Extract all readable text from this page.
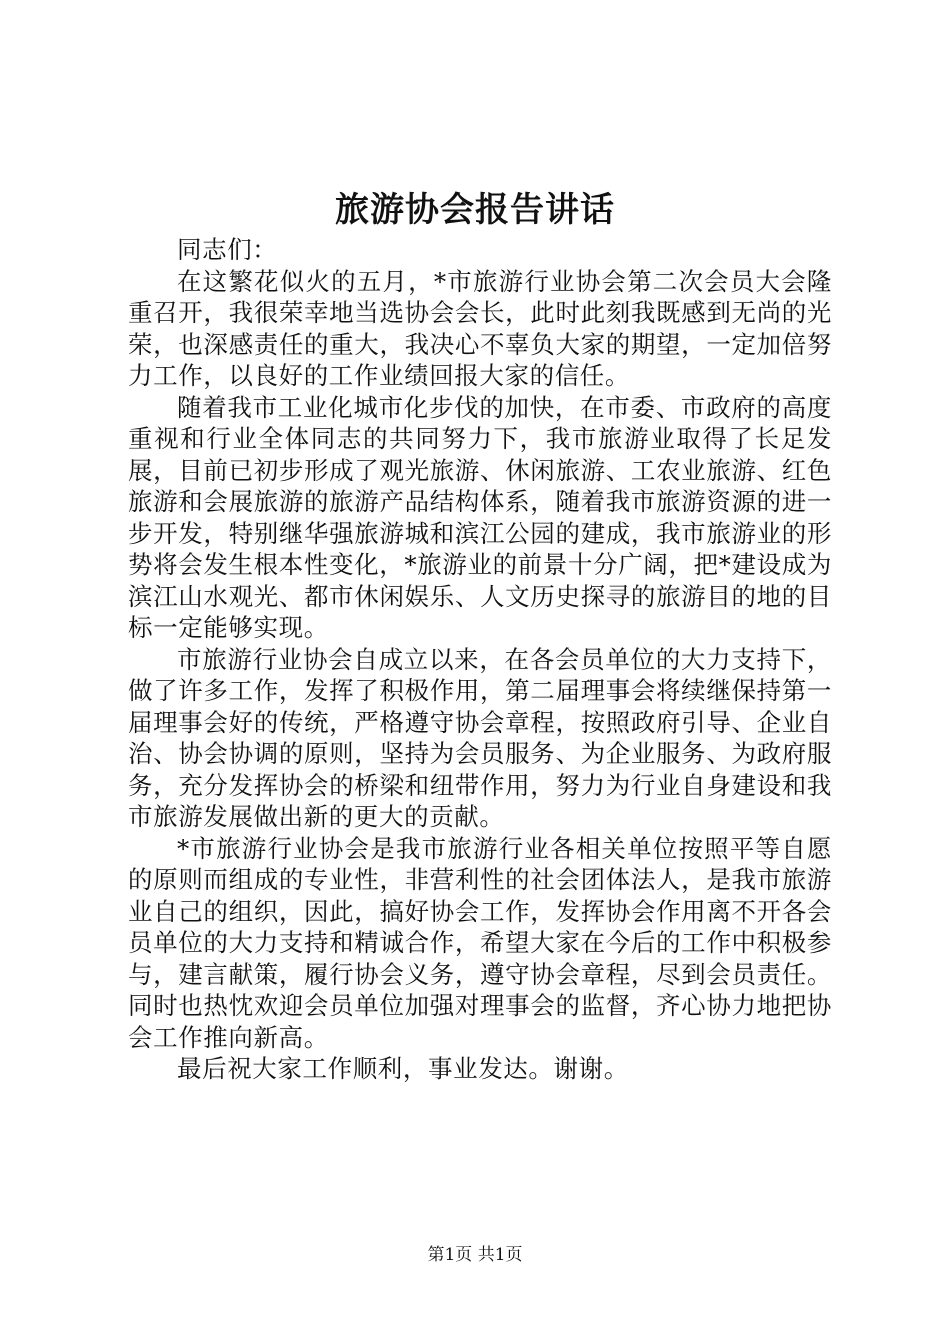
旅游协会报告讲话

同志们：

在这繁花似火的五月，*市旅游行业协会第二次会员大会隆重召开，我很荣幸地当选协会会长，此时此刻我既感到无尚的光荣，也深感责任的重大，我决心不辜负大家的期望，一定加倍努力工作，以良好的工作业绩回报大家的信任。

随着我市工业化城市化步伐的加快，在市委、市政府的高度重视和行业全体同志的共同努力下，我市旅游业取得了长足发展，目前已初步形成了观光旅游、休闲旅游、工农业旅游、红色旅游和会展旅游的旅游产品结构体系，随着我市旅游资源的进一步开发，特别继华强旅游城和滨江公园的建成，我市旅游业的形势将会发生根本性变化，*旅游业的前景十分广阔，把*建设成为滨江山水观光、都市休闲娱乐、人文历史探寻的旅游目的地的目标一定能够实现。

市旅游行业协会自成立以来，在各会员单位的大力支持下，做了许多工作，发挥了积极作用，第二届理事会将续继保持第一届理事会好的传统，严格遵守协会章程，按照政府引导、企业自治、协会协调的原则，坚持为会员服务、为企业服务、为政府服务，充分发挥协会的桥梁和纽带作用，努力为行业自身建设和我市旅游发展做出新的更大的贡献。

*市旅游行业协会是我市旅游行业各相关单位按照平等自愿的原则而组成的专业性，非营利性的社会团体法人，是我市旅游业自己的组织，因此，搞好协会工作，发挥协会作用离不开各会员单位的大力支持和精诚合作，希望大家在今后的工作中积极参与，建言献策，履行协会义务，遵守协会章程，尽到会员责任。同时也热忱欢迎会员单位加强对理事会的监督，齐心协力地把协会工作推向新高。

最后祝大家工作顺利，事业发达。谢谢。

第1页 共1页
